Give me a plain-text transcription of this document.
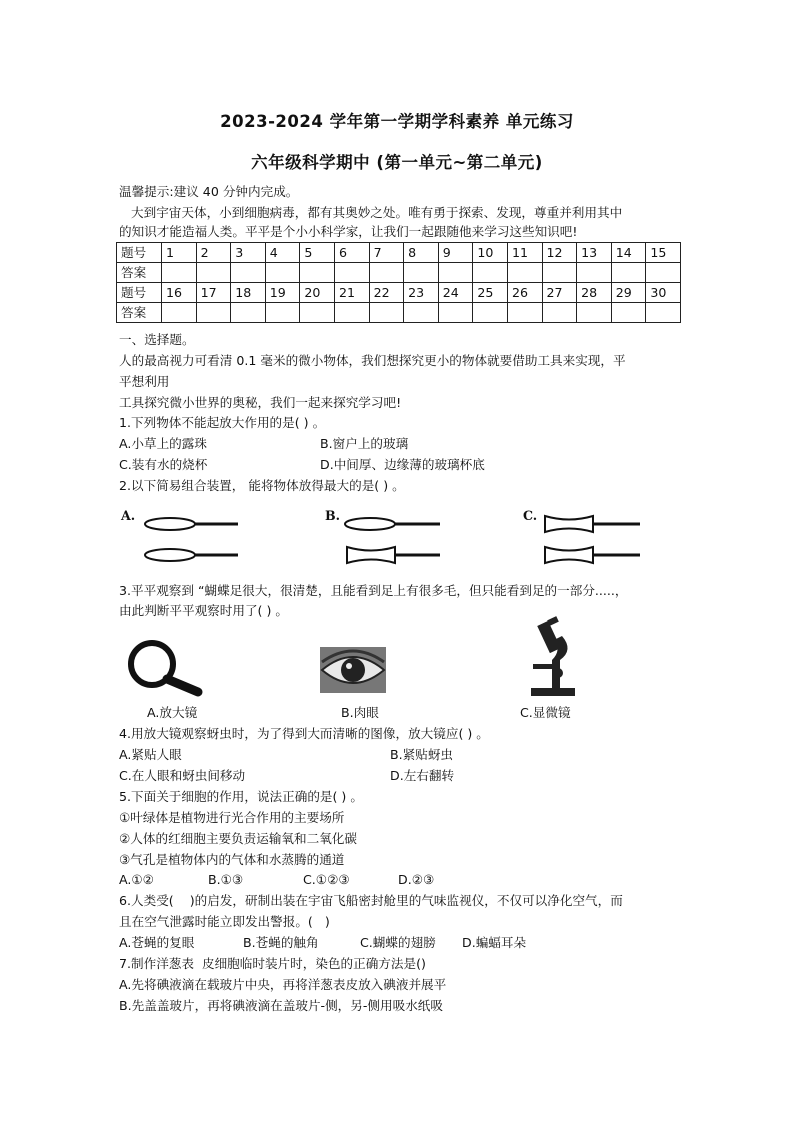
2023-2024 学年第一学期学科素养 单元练习
六年级科学期中 (第一单元~第二单元)
温馨提示:建议 40 分钟内完成。
大到宇宙天体，小到细胞病毒，都有其奥妙之处。唯有勇于探索、发现，尊重并利用其中
的知识才能造福人类。平平是个小小科学家，让我们一起跟随他来学习这些知识吧!
题号	1	2	3	4	5	6	7	8	9	10	11	12	13	14	15
答案															
题号	16	17	18	19	20	21	22	23	24	25	26	27	28	29	30
答案															
一、选择题。
人的最高视力可看清 0.1 毫米的微小物体，我们想探究更小的物体就要借助工具来实现，平
平想利用
工具探究微小世界的奥秘，我们一起来探究学习吧!
1.下列物体不能起放大作用的是( ) 。
A.小草上的露珠	B.窗户上的玻璃
C.装有水的烧杯	D.中间厚、边缘薄的玻璃杯底
2.以下简易组合装置， 能将物体放得最大的是( ) 。
A.	B.	C.
3.平平观察到 “蝴蝶足很大，很清楚，且能看到足上有很多毛，但只能看到足的一部分.....，
由此判断平平观察时用了( ) 。
A.放大镜	B.肉眼	C.显微镜
4.用放大镜观察蚜虫时，为了得到大而清晰的图像，放大镜应( ) 。
A.紧贴人眼	B.紧贴蚜虫
C.在人眼和蚜虫间移动	D.左右翻转
5.下面关于细胞的作用，说法正确的是( ) 。
①叶绿体是植物进行光合作用的主要场所
②人体的红细胞主要负责运输氧和二氧化碳
③气孔是植物体内的气体和水蒸腾的通道
A.①②	B.①③	C.①②③	D.②③
6.人类受(    )的启发，研制出装在宇宙飞船密封舱里的气味监视仪，不仅可以净化空气，而
且在空气泄露时能立即发出警报。(   )
A.苍蝇的复眼	B.苍蝇的触角	C.蝴蝶的翅膀 D.蝙蝠耳朵
7.制作洋葱表  皮细胞临时装片时，染色的正确方法是()
A.先将碘液滴在载玻片中央，再将洋葱表皮放入碘液并展平
B.先盖盖玻片，再将碘液滴在盖玻片-侧，另-侧用吸水纸吸
